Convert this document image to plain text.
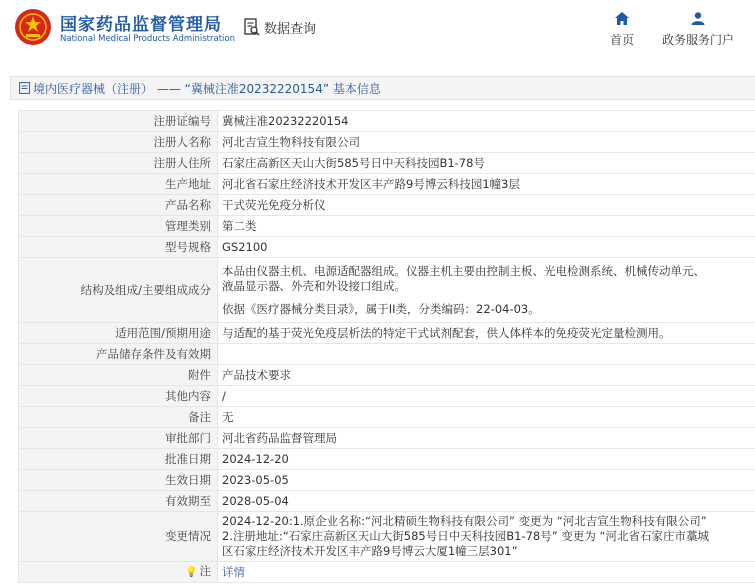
国家药品监督管理局
National Medical Products Administration
数据查询
首页 政务服务门户
境内医疗器械（注册） —— “冀械注准20232220154” 基本信息
注册证编号	冀械注准20232220154
注册人名称	河北吉宣生物科技有限公司
注册人住所	石家庄高新区天山大街585号日中天科技园B1-78号
生产地址	河北省石家庄经济技术开发区丰产路9号博云科技园1幢3层
产品名称	干式荧光免疫分析仪
管理类别	第二类
型号规格	GS2100
结构及组成/主要组成成分	本品由仪器主机、电源适配器组成。仪器主机主要由控制主板、光电检测系统、机械传动单元、
液晶显示器、外壳和外设接口组成。
依据《医疗器械分类目录》，属于II类，分类编码：22-04-03。

适用范围/预期用途	与适配的基于荧光免疫层析法的特定干式试剂配套，供人体样本的免疫荧光定量检测用。
产品储存条件及有效期	
附件	产品技术要求
其他内容	/
备注	无
审批部门	河北省药品监督管理局
批准日期	2024-12-20
生效日期	2023-05-05
有效期至	2028-05-04
变更情况	2024-12-20:1.原企业名称:“河北精硕生物科技有限公司” 变更为 “河北吉宣生物科技有限公司”
2.注册地址:“石家庄高新区天山大街585号日中天科技园B1-78号” 变更为 “河北省石家庄市藁城
区石家庄经济技术开发区丰产路9号博云大厦1幢三层301”

💡 注	详情
